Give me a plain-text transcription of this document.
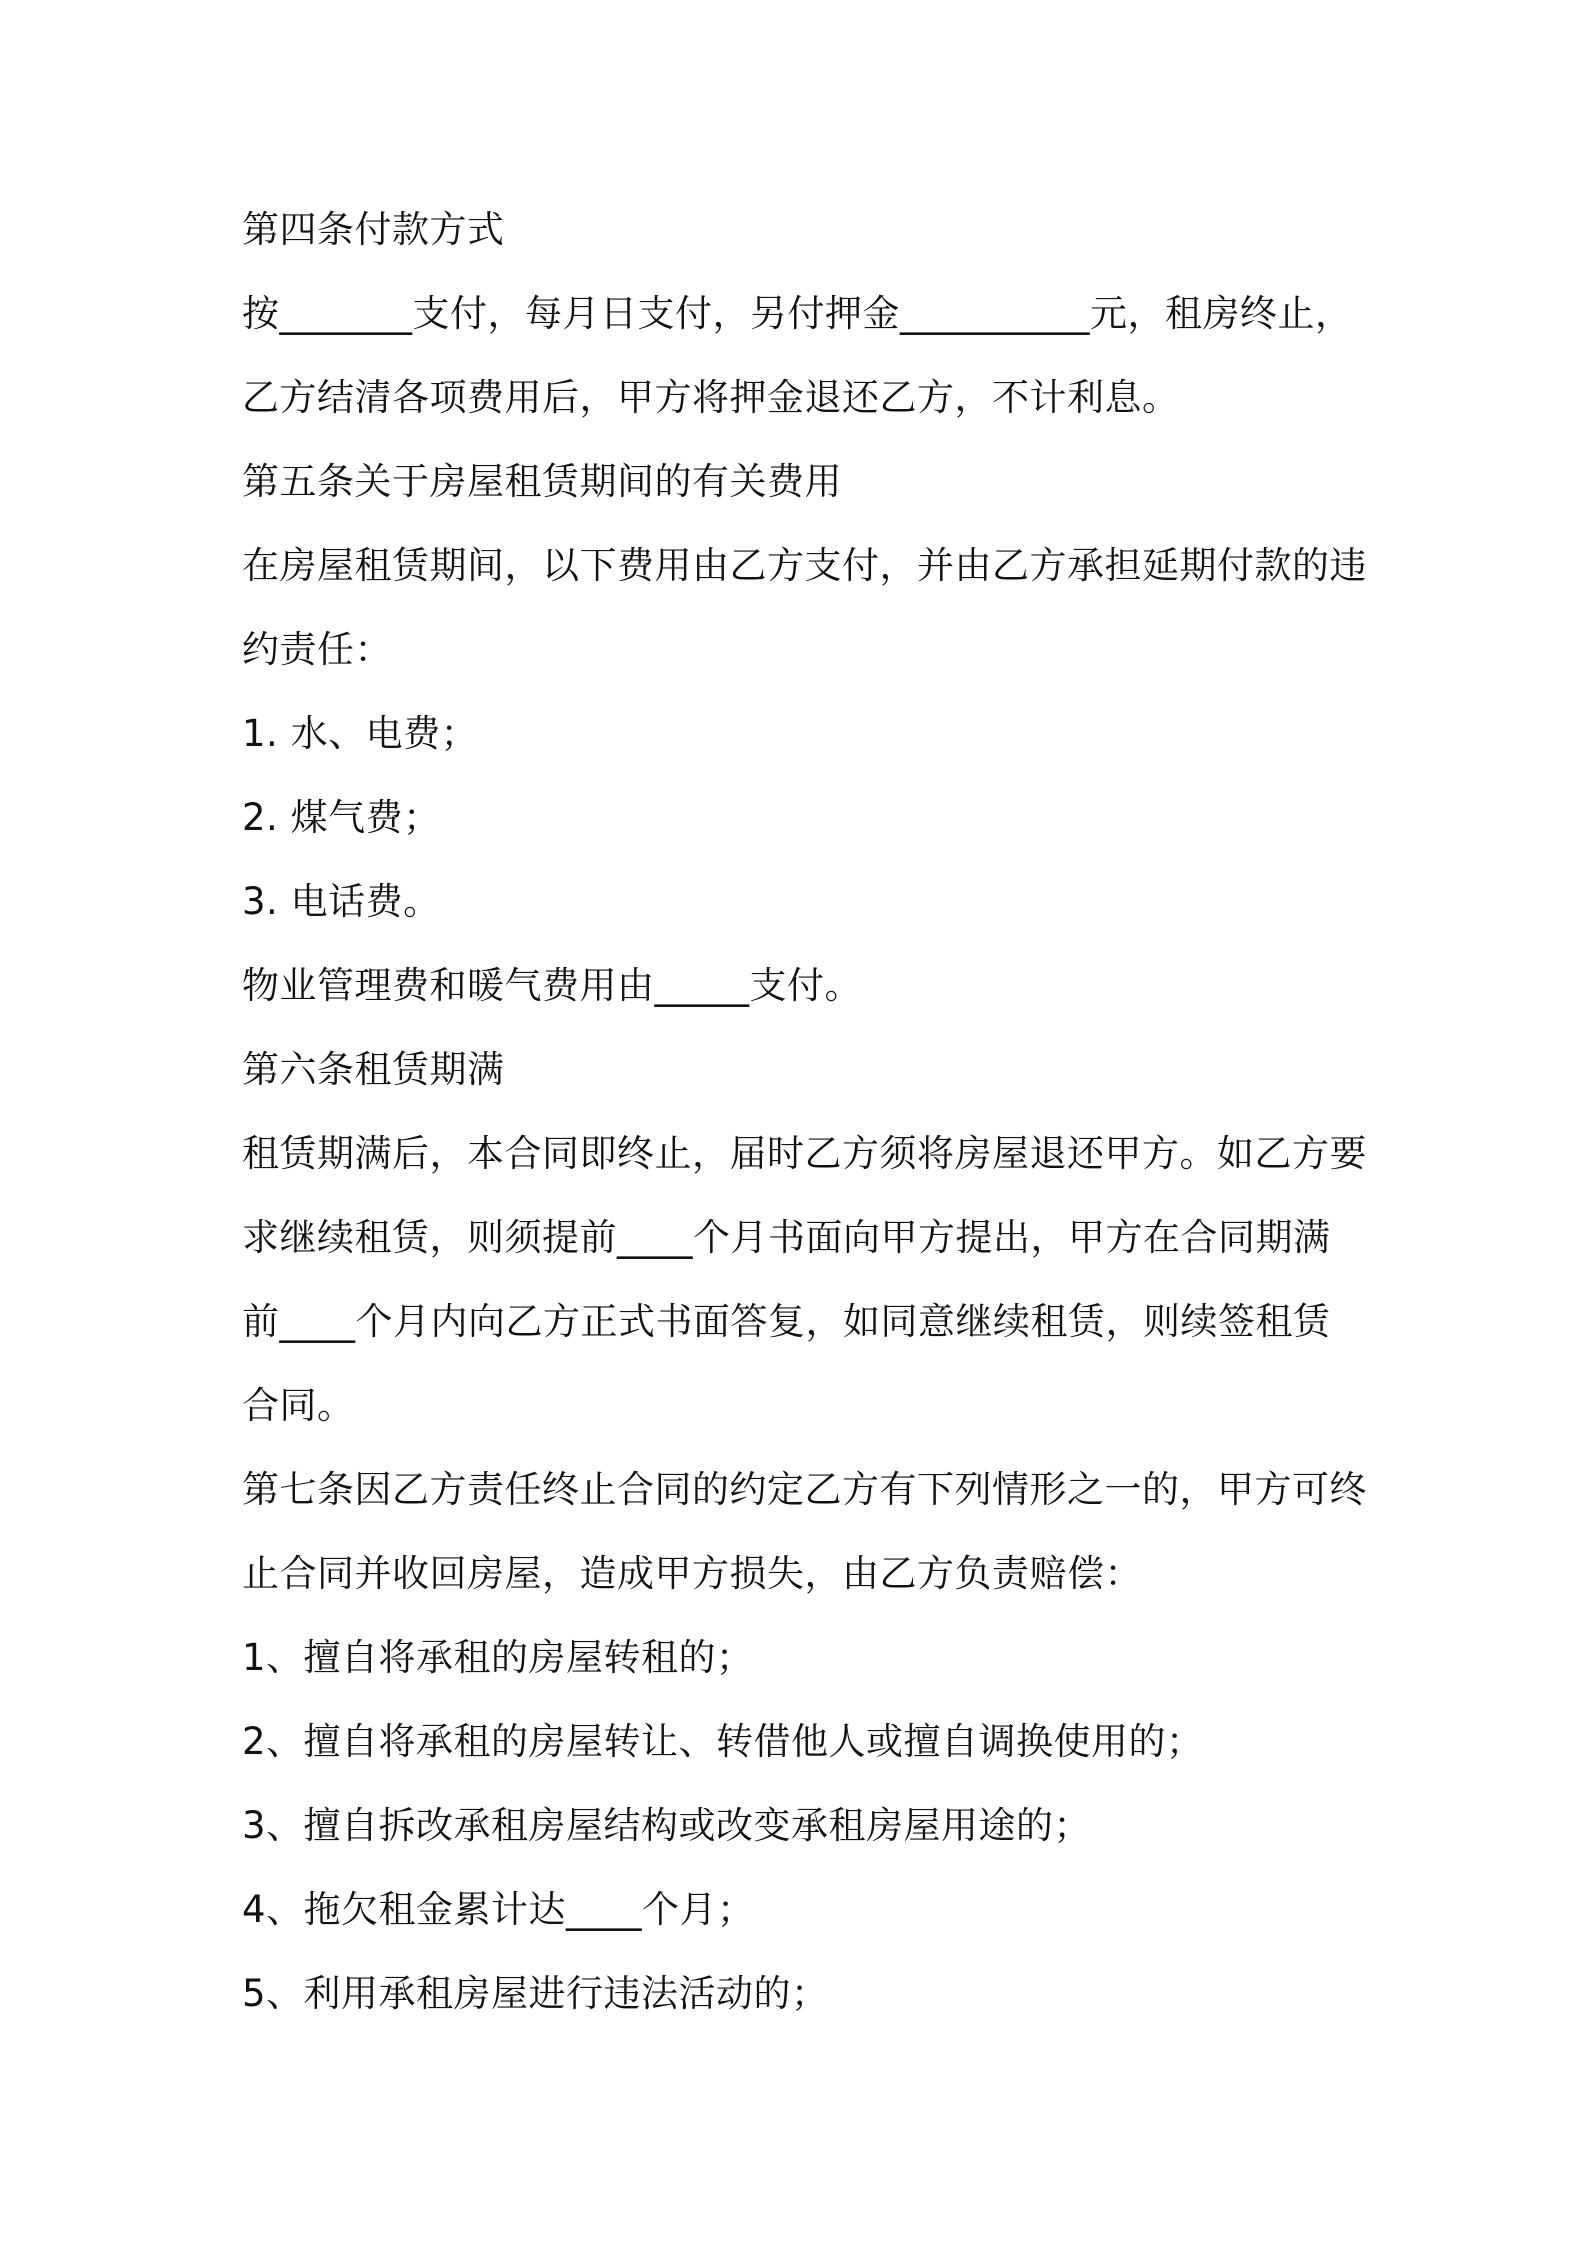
第四条付款方式
按_______支付，每月日支付，另付押金__________元，租房终止，
乙方结清各项费用后，甲方将押金退还乙方，不计利息。
第五条关于房屋租赁期间的有关费用
在房屋租赁期间，以下费用由乙方支付，并由乙方承担延期付款的违
约责任：
1. 水、电费；
2. 煤气费；
3. 电话费。
物业管理费和暖气费用由_____支付。
第六条租赁期满
租赁期满后，本合同即终止，届时乙方须将房屋退还甲方。如乙方要
求继续租赁，则须提前____个月书面向甲方提出，甲方在合同期满
前____个月内向乙方正式书面答复，如同意继续租赁，则续签租赁
合同。
第七条因乙方责任终止合同的约定乙方有下列情形之一的，甲方可终
止合同并收回房屋，造成甲方损失，由乙方负责赔偿：
1、擅自将承租的房屋转租的；
2、擅自将承租的房屋转让、转借他人或擅自调换使用的；
3、擅自拆改承租房屋结构或改变承租房屋用途的；
4、拖欠租金累计达____个月；
5、利用承租房屋进行违法活动的；
